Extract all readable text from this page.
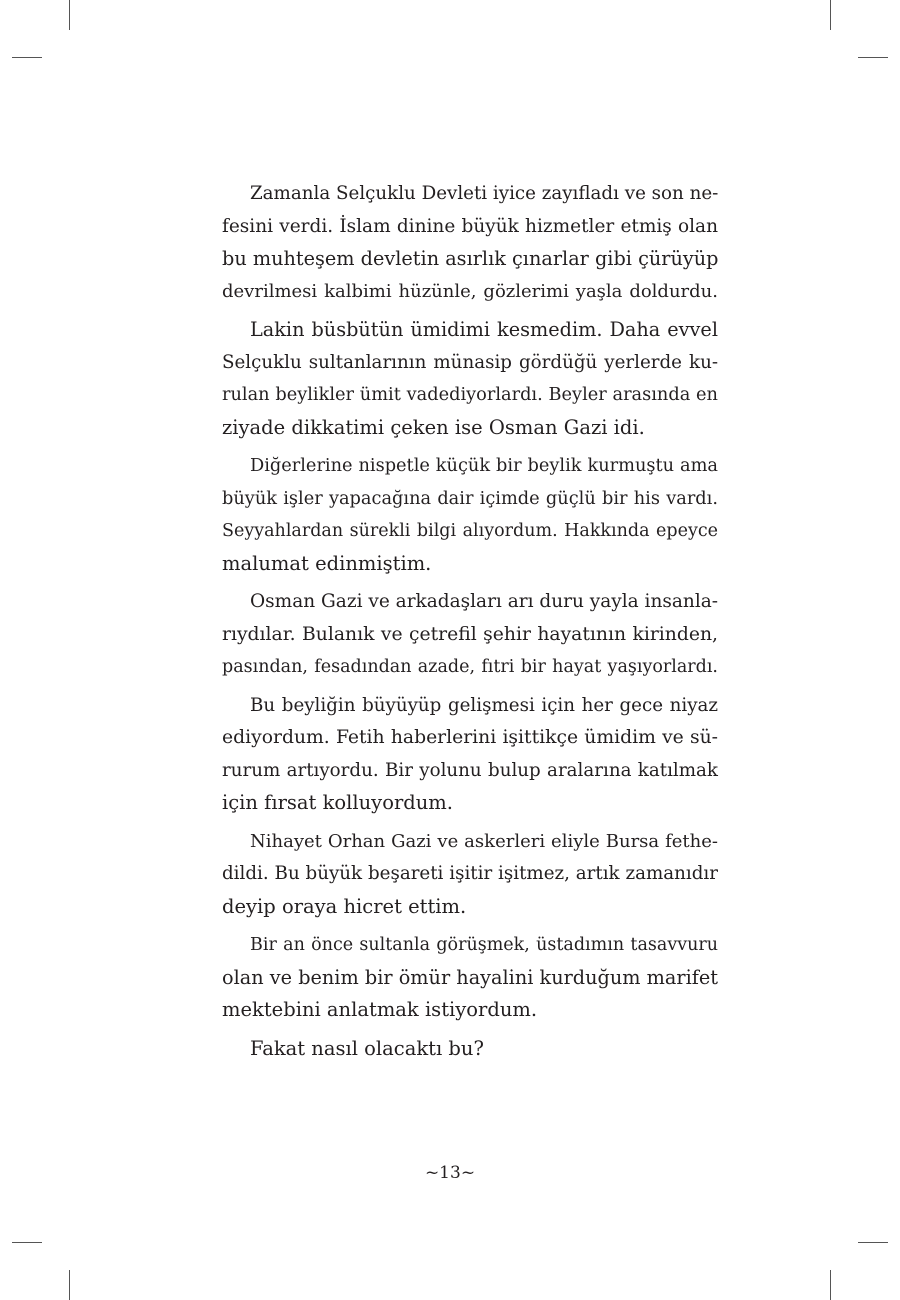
Zamanla Selçuklu Devleti iyice zayıfladı ve son ne-
fesini verdi. İslam dinine büyük hizmetler etmiş olan
bu muhteşem devletin asırlık çınarlar gibi çürüyüp
devrilmesi kalbimi hüzünle, gözlerimi yaşla doldurdu.
Lakin büsbütün ümidimi kesmedim. Daha evvel
Selçuklu sultanlarının münasip gördüğü yerlerde ku-
rulan beylikler ümit vadediyorlardı. Beyler arasında en
ziyade dikkatimi çeken ise Osman Gazi idi.
Diğerlerine nispetle küçük bir beylik kurmuştu ama
büyük işler yapacağına dair içimde güçlü bir his vardı.
Seyyahlardan sürekli bilgi alıyordum. Hakkında epeyce
malumat edinmiştim.
Osman Gazi ve arkadaşları arı duru yayla insanla-
rıydılar. Bulanık ve çetrefil şehir hayatının kirinden,
pasından, fesadından azade, fıtri bir hayat yaşıyorlardı.
Bu beyliğin büyüyüp gelişmesi için her gece niyaz
ediyordum. Fetih haberlerini işittikçe ümidim ve sü-
rurum artıyordu. Bir yolunu bulup aralarına katılmak
için fırsat kolluyordum.
Nihayet Orhan Gazi ve askerleri eliyle Bursa fethe-
dildi. Bu büyük beşareti işitir işitmez, artık zamanıdır
deyip oraya hicret ettim.
Bir an önce sultanla görüşmek, üstadımın tasavvuru
olan ve benim bir ömür hayalini kurduğum marifet
mektebini anlatmak istiyordum.
Fakat nasıl olacaktı bu?
~13~
